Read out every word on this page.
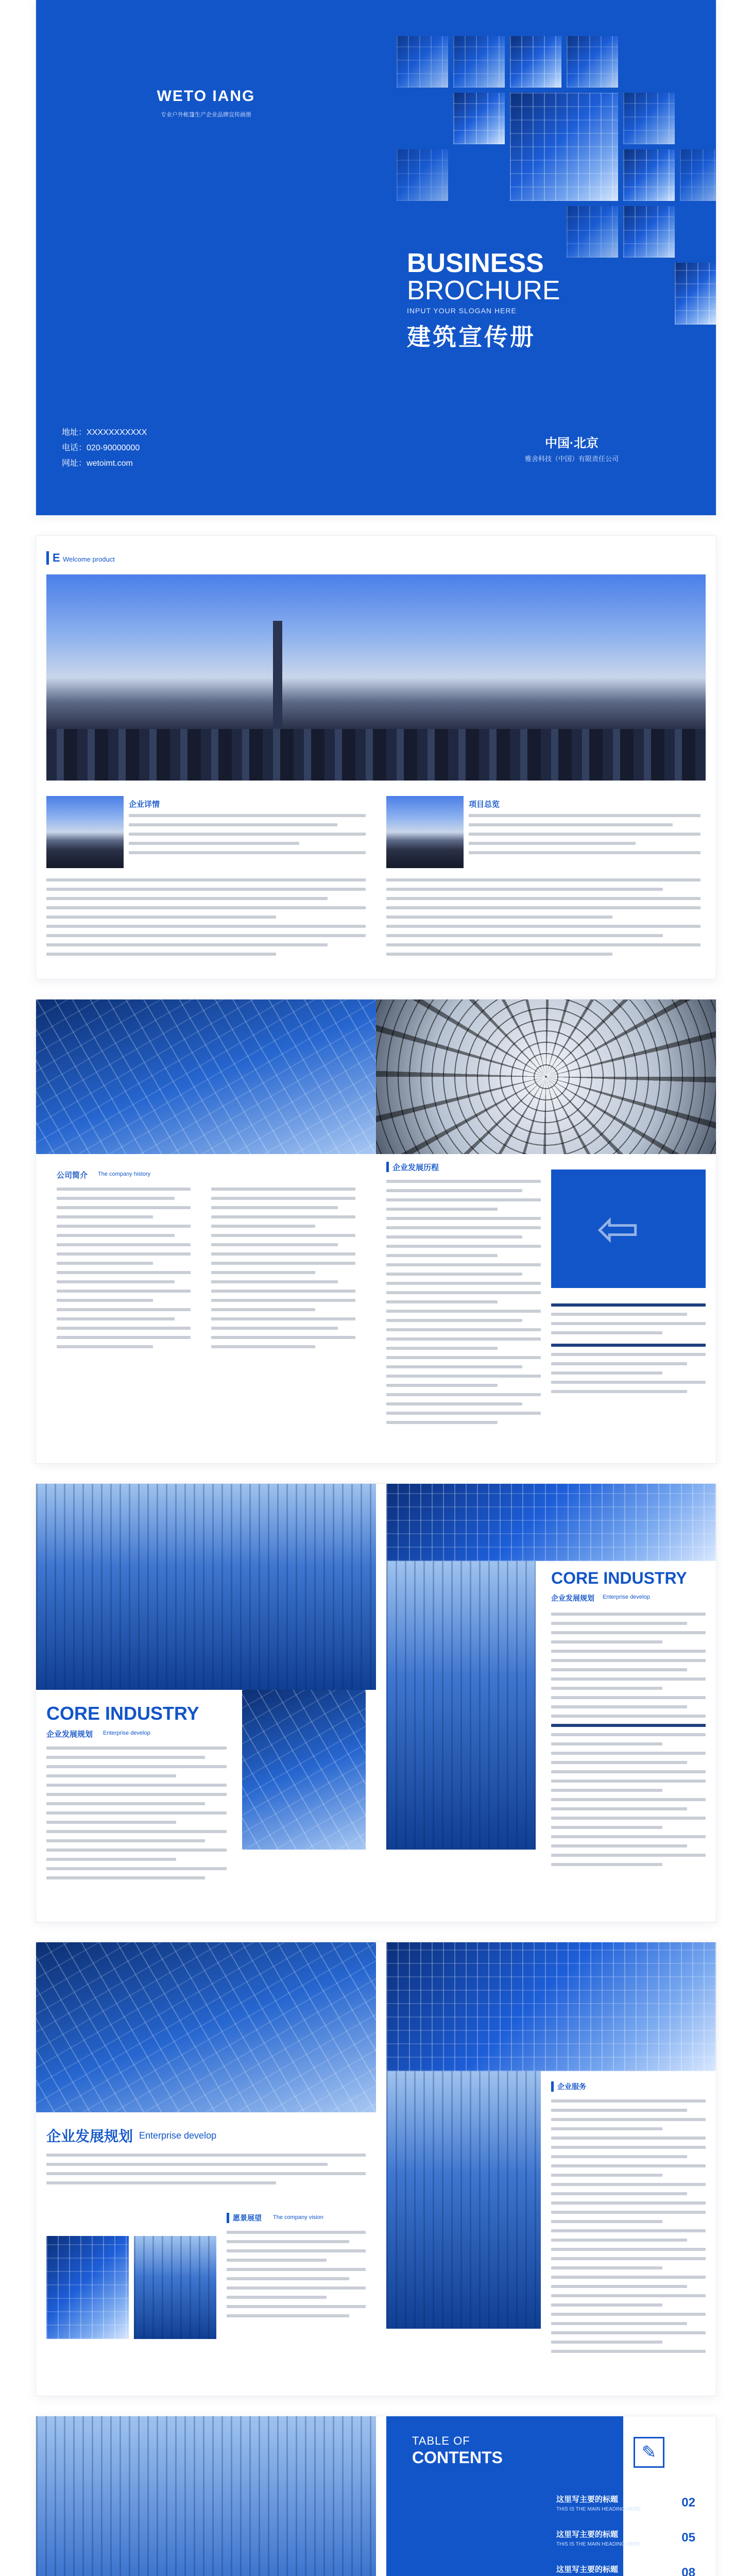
WETO IANG
专业户外帐篷生产企业品牌宣传画册
地址：XXXXXXXXXXX
电话：020-90000000
网址：wetoimt.com
BUSINESS
BROCHURE
INPUT YOUR SLOGAN HERE
建筑宣传册
中国·北京
雅舍科技（中国）有限责任公司
E Welcome product
企业详情	项目总览
公司简介 The company history
企业发展历程
⇦
CORE INDUSTRY
企业发展规划 Enterprise develop
CORE INDUSTRY
企业发展规划 Enterprise develop
企业发展规划 Enterprise develop
愿景展望 The company vision
企业服务
TABLE OF
CONTENTS	✎
这里写主要的标题
THIS IS THE MAIN HEADING HERE	02
这里写主要的标题
THIS IS THE MAIN HEADING HERE	05
这里写主要的标题	08
